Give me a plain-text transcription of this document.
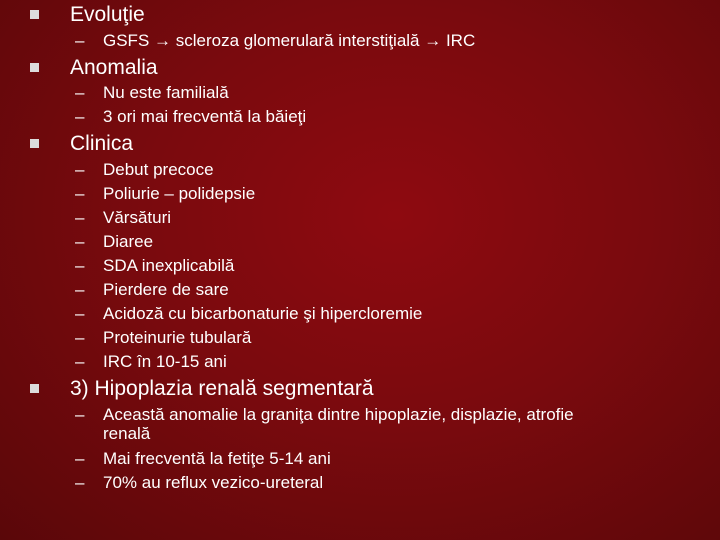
Evoluţie
– GSFS → scleroza glomerulară interstiţială → IRC
Anomalia
– Nu este familială
– 3 ori mai frecventă la băieţi
Clinica
– Debut precoce
– Poliurie – polidepsie
– Vărsături
– Diaree
– SDA inexplicabilă
– Pierdere de sare
– Acidoză cu bicarbonaturie şi hipercloremie
– Proteinurie tubulară
– IRC în 10-15 ani
3) Hipoplazia renală segmentară
– Această anomalie la graniţa dintre hipoplazie, displazie, atrofie
renală
– Mai frecventă la fetiţe 5-14 ani
– 70% au reflux vezico-ureteral
